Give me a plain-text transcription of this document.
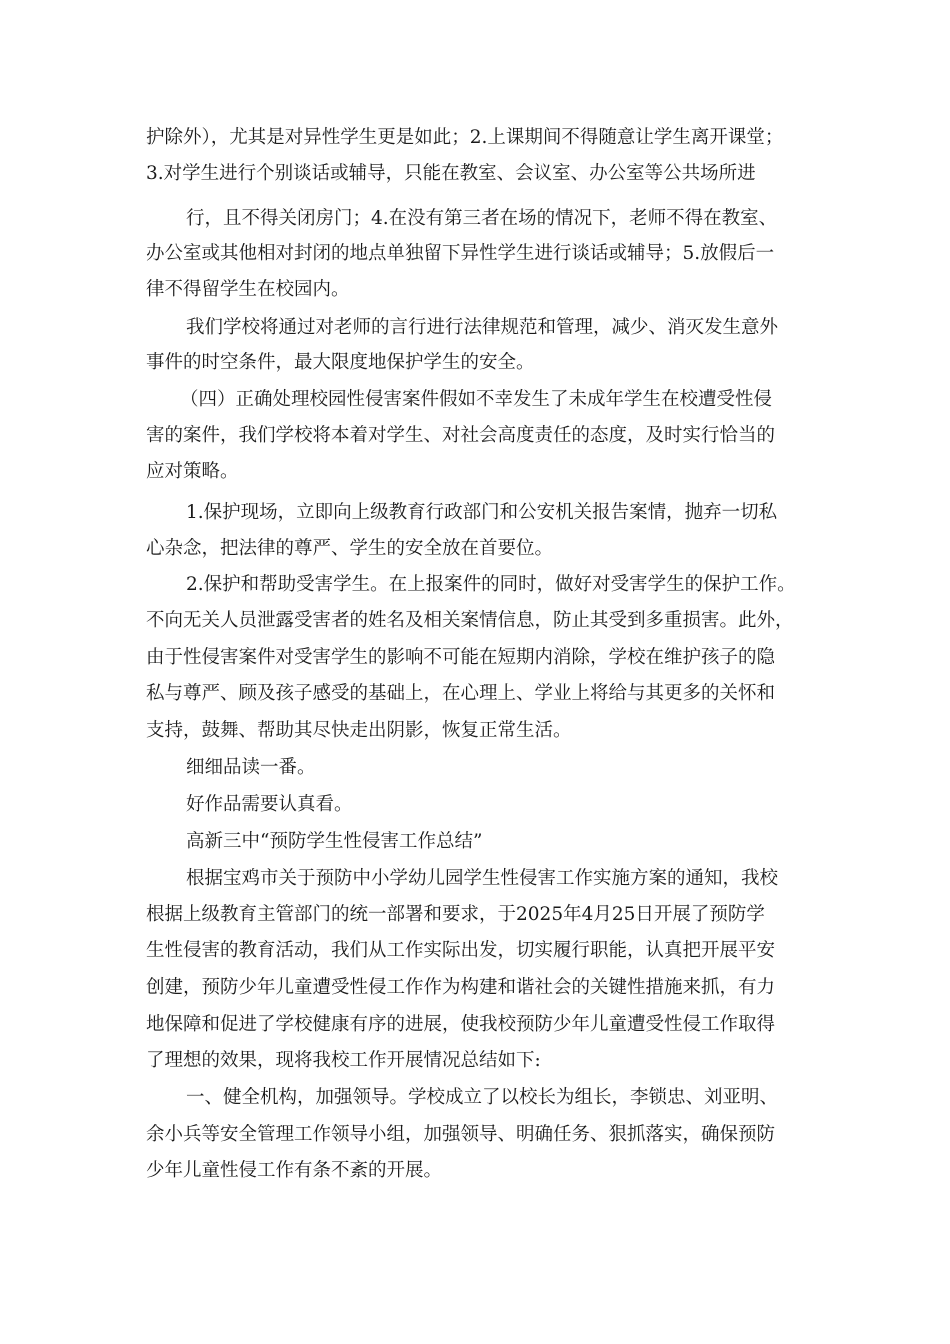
护除外），尤其是对异性学生更是如此；2.上课期间不得随意让学生离开课堂；
3.对学生进行个别谈话或辅导，只能在教室、会议室、办公室等公共场所进
行，且不得关闭房门；4.在没有第三者在场的情况下，老师不得在教室、
办公室或其他相对封闭的地点单独留下异性学生进行谈话或辅导；5.放假后一
律不得留学生在校园内。
我们学校将通过对老师的言行进行法律规范和管理，减少、消灭发生意外
事件的时空条件，最大限度地保护学生的安全。
（四）正确处理校园性侵害案件假如不幸发生了未成年学生在校遭受性侵
害的案件，我们学校将本着对学生、对社会高度责任的态度，及时实行恰当的
应对策略。
1.保护现场，立即向上级教育行政部门和公安机关报告案情，抛弃一切私
心杂念，把法律的尊严、学生的安全放在首要位。
2.保护和帮助受害学生。在上报案件的同时，做好对受害学生的保护工作。
不向无关人员泄露受害者的姓名及相关案情信息，防止其受到多重损害。此外，
由于性侵害案件对受害学生的影响不可能在短期内消除，学校在维护孩子的隐
私与尊严、顾及孩子感受的基础上，在心理上、学业上将给与其更多的关怀和
支持，鼓舞、帮助其尽快走出阴影，恢复正常生活。
细细品读一番。
好作品需要认真看。
高新三中“预防学生性侵害工作总结”
根据宝鸡市关于预防中小学幼儿园学生性侵害工作实施方案的通知，我校
根据上级教育主管部门的统一部署和要求，于2025年4月25日开展了预防学
生性侵害的教育活动，我们从工作实际出发，切实履行职能，认真把开展平安
创建，预防少年儿童遭受性侵工作作为构建和谐社会的关键性措施来抓，有力
地保障和促进了学校健康有序的进展，使我校预防少年儿童遭受性侵工作取得
了理想的效果，现将我校工作开展情况总结如下:
一、健全机构，加强领导。学校成立了以校长为组长，李锁忠、刘亚明、
余小兵等安全管理工作领导小组，加强领导、明确任务、狠抓落实，确保预防
少年儿童性侵工作有条不紊的开展。
